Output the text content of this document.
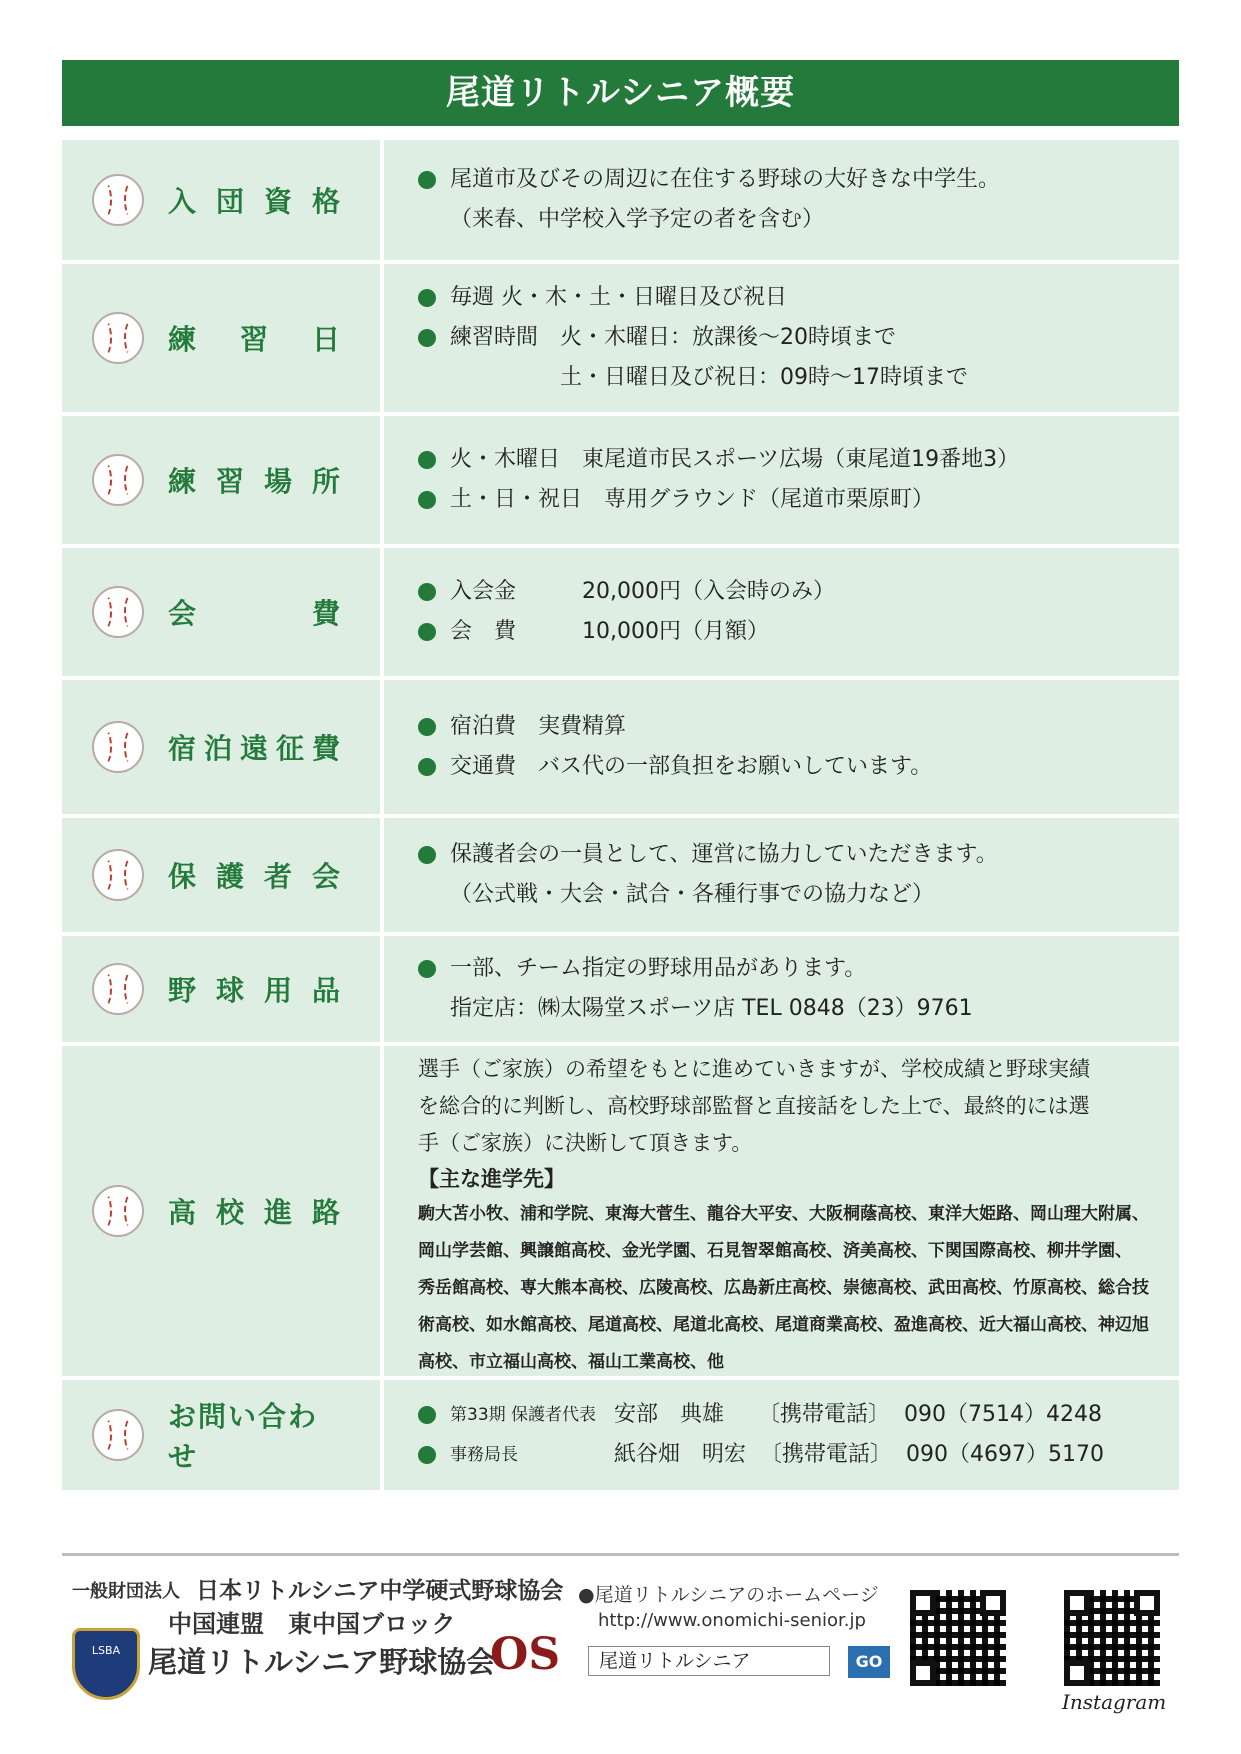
尾道リトルシニア概要
入 団 資 格
尾道市及びその周辺に在住する野球の大好きな中学生。
（来春、中学校入学予定の者を含む）
練 習 日
毎週 火・木・土・日曜日及び祝日
練習時間　火・木曜日：放課後～20時頃まで
　　　　　土・日曜日及び祝日：09時～17時頃まで
練 習 場 所
火・木曜日　東尾道市民スポーツ広場（東尾道19番地3）
土・日・祝日　専用グラウンド（尾道市栗原町）
会	費
入会金　　　20,000円（入会時のみ）
会　費　　　10,000円（月額）
宿 泊 遠 征 費
宿泊費　実費精算
交通費　バス代の一部負担をお願いしています。
保 護 者 会
保護者会の一員として、運営に協力していただきます。
（公式戦・大会・試合・各種行事での協力など）
野 球 用 品
一部、チーム指定の野球用品があります。
指定店：㈱太陽堂スポーツ店 TEL 0848（23）9761
高 校 進 路
選手（ご家族）の希望をもとに進めていきますが、学校成績と野球実績
を総合的に判断し、高校野球部監督と直接話をした上で、最終的には選
手（ご家族）に決断して頂きます。
【主な進学先】
駒大苫小牧、浦和学院、東海大菅生、龍谷大平安、大阪桐蔭高校、東洋大姫路、岡山理大附属、
岡山学芸館、興譲館高校、金光学園、石見智翠館高校、済美高校、下関国際高校、柳井学園、
秀岳館高校、専大熊本高校、広陵高校、広島新庄高校、崇徳高校、武田高校、竹原高校、総合技
術高校、如水館高校、尾道高校、尾道北高校、尾道商業高校、盈進高校、近大福山高校、神辺旭
高校、市立福山高校、福山工業高校、他
お問い合わせ
第33期 保護者代表 安部　典雄	〔携帯電話〕 090（7514）4248
事務局長	紙谷畑　明宏 〔携帯電話〕 090（4697）5170
一般財団法人 日本リトルシニア中学硬式野球協会
中国連盟　東中国ブロック
LSBA 尾道リトルシニア野球協会
OS
●尾道リトルシニアのホームページ
http://www.onomichi-senior.jp
尾道リトルシニア	GO
Instagram
